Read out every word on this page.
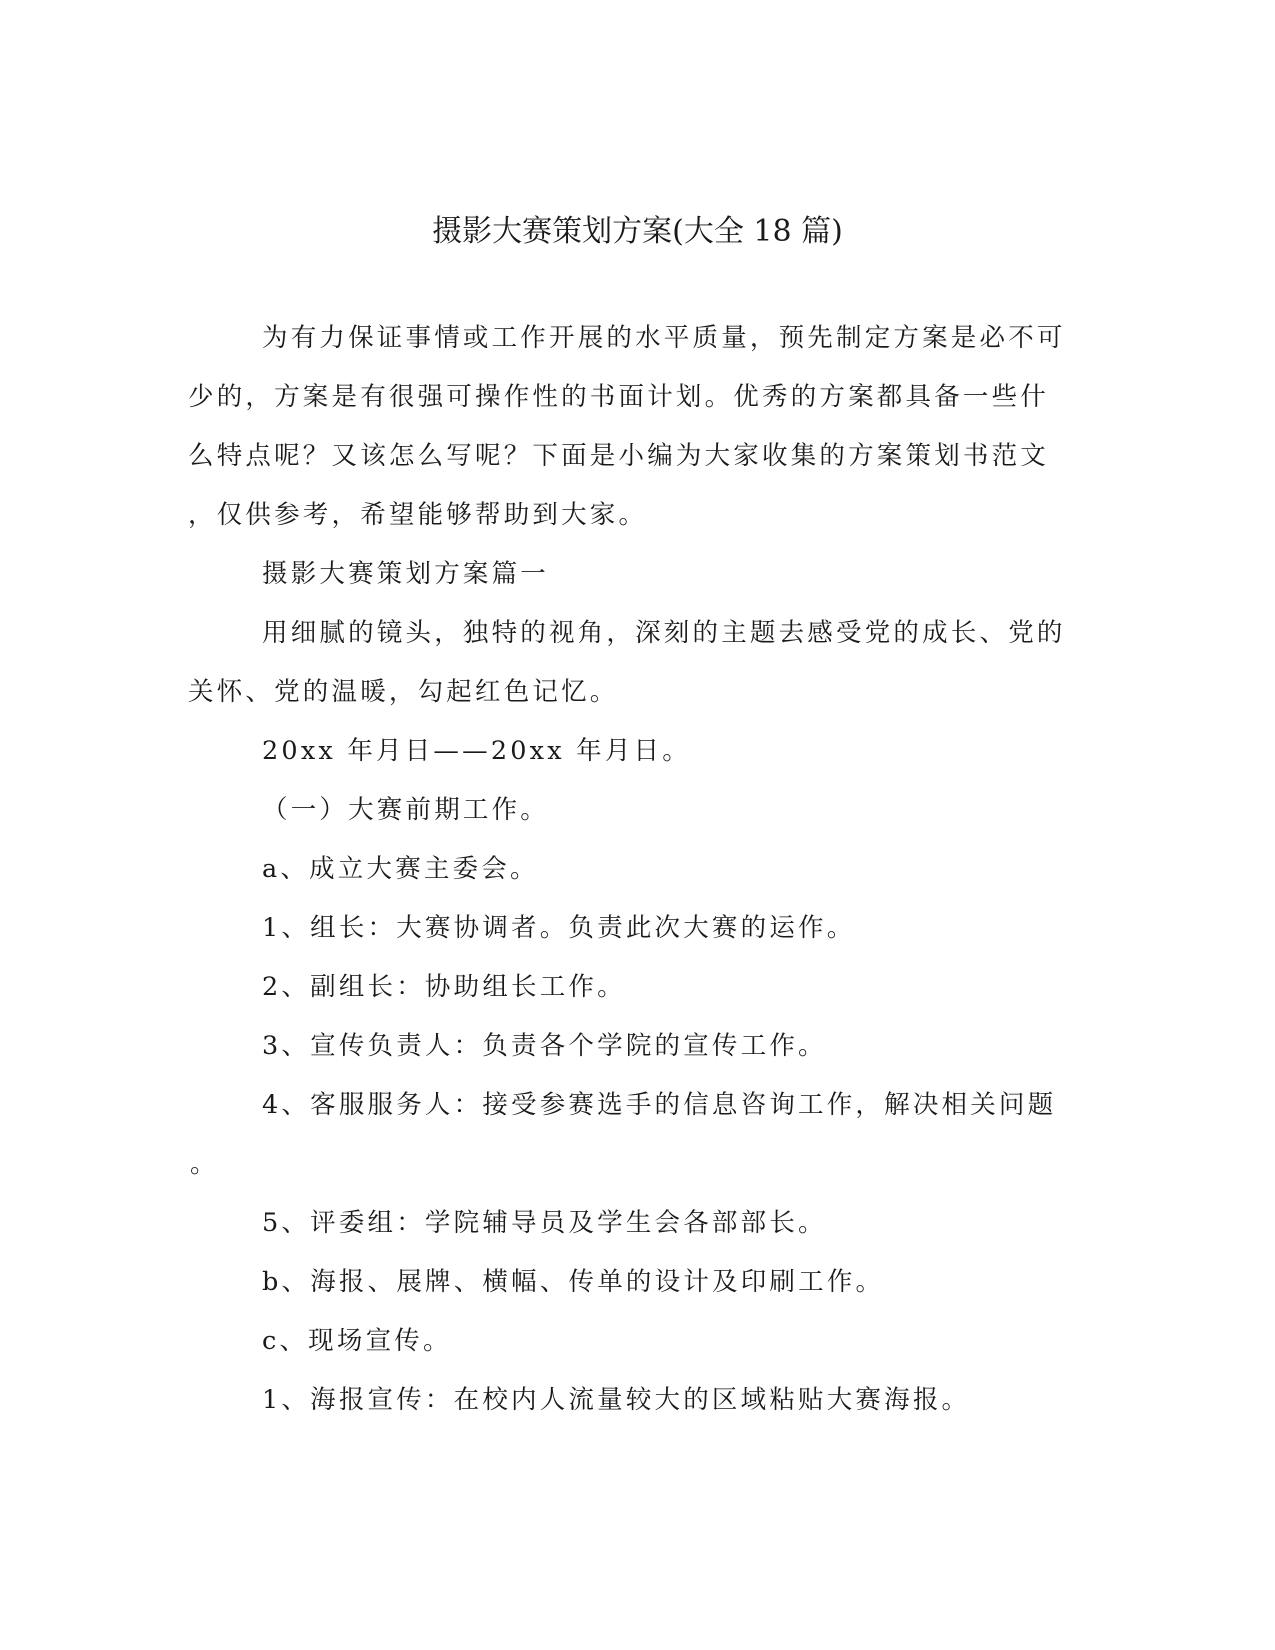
摄影大赛策划方案(大全 18 篇)
为有力保证事情或工作开展的水平质量，预先制定方案是必不可
少的，方案是有很强可操作性的书面计划。优秀的方案都具备一些什
么特点呢？又该怎么写呢？下面是小编为大家收集的方案策划书范文
，仅供参考，希望能够帮助到大家。
摄影大赛策划方案篇一
用细腻的镜头，独特的视角，深刻的主题去感受党的成长、党的
关怀、党的温暖，勾起红色记忆。
20xx 年月日——20xx 年月日。
（一）大赛前期工作。
a、成立大赛主委会。
1、组长：大赛协调者。负责此次大赛的运作。
2、副组长：协助组长工作。
3、宣传负责人：负责各个学院的宣传工作。
4、客服服务人：接受参赛选手的信息咨询工作，解决相关问题
。
5、评委组：学院辅导员及学生会各部部长。
b、海报、展牌、横幅、传单的设计及印刷工作。
c、现场宣传。
1、海报宣传：在校内人流量较大的区域粘贴大赛海报。
